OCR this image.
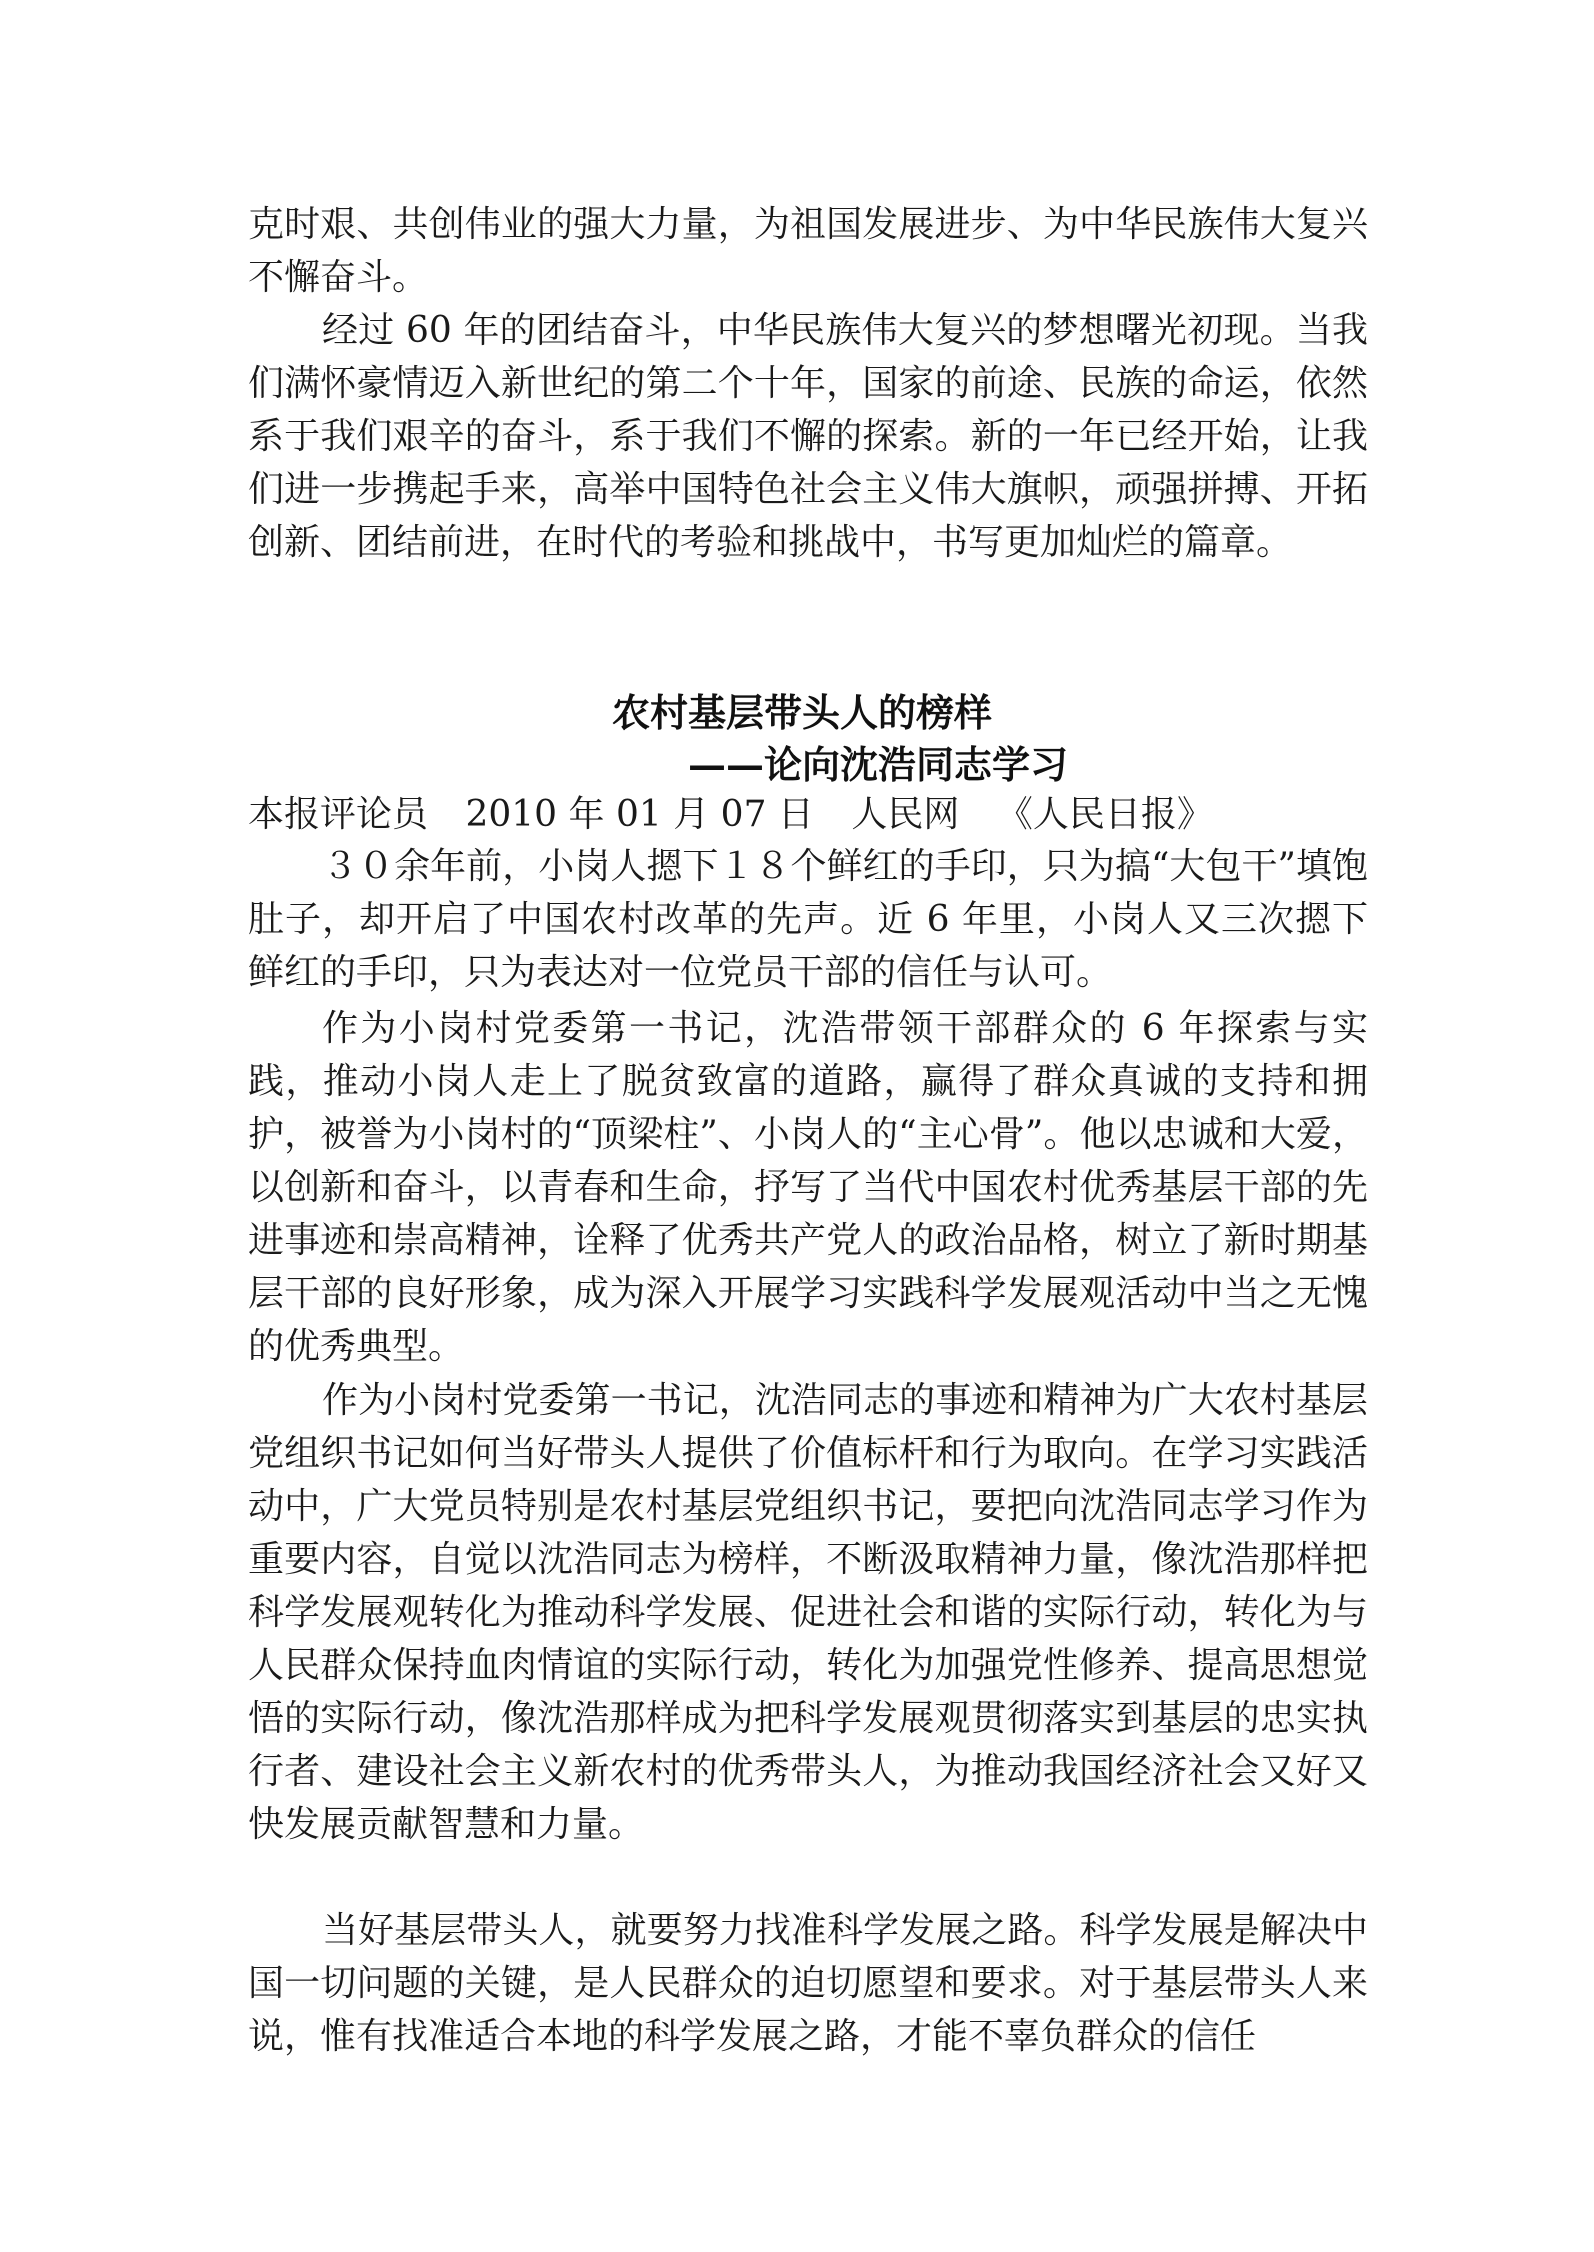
克时艰、共创伟业的强大力量，为祖国发展进步、为中华民族伟大复兴不懈奋斗。

经过 60 年的团结奋斗，中华民族伟大复兴的梦想曙光初现。当我们满怀豪情迈入新世纪的第二个十年，国家的前途、民族的命运，依然系于我们艰辛的奋斗，系于我们不懈的探索。新的一年已经开始，让我们进一步携起手来，高举中国特色社会主义伟大旗帜，顽强拼搏、开拓创新、团结前进，在时代的考验和挑战中，书写更加灿烂的篇章。

农村基层带头人的榜样
——论向沈浩同志学习
本报评论员 2010 年 01 月 07 日 人民网 《人民日报》

３０余年前，小岗人摁下１８个鲜红的手印，只为搞“大包干”填饱肚子，却开启了中国农村改革的先声。近 6 年里，小岗人又三次摁下鲜红的手印，只为表达对一位党员干部的信任与认可。

作为小岗村党委第一书记，沈浩带领干部群众的 6 年探索与实践，推动小岗人走上了脱贫致富的道路，赢得了群众真诚的支持和拥护，被誉为小岗村的“顶梁柱”、小岗人的“主心骨”。他以忠诚和大爱，以创新和奋斗，以青春和生命，抒写了当代中国农村优秀基层干部的先进事迹和崇高精神，诠释了优秀共产党人的政治品格，树立了新时期基层干部的良好形象，成为深入开展学习实践科学发展观活动中当之无愧的优秀典型。

作为小岗村党委第一书记，沈浩同志的事迹和精神为广大农村基层党组织书记如何当好带头人提供了价值标杆和行为取向。在学习实践活动中，广大党员特别是农村基层党组织书记，要把向沈浩同志学习作为重要内容，自觉以沈浩同志为榜样，不断汲取精神力量，像沈浩那样把科学发展观转化为推动科学发展、促进社会和谐的实际行动，转化为与人民群众保持血肉情谊的实际行动，转化为加强党性修养、提高思想觉悟的实际行动，像沈浩那样成为把科学发展观贯彻落实到基层的忠实执行者、建设社会主义新农村的优秀带头人，为推动我国经济社会又好又快发展贡献智慧和力量。

当好基层带头人，就要努力找准科学发展之路。科学发展是解决中国一切问题的关键，是人民群众的迫切愿望和要求。对于基层带头人来说，惟有找准适合本地的科学发展之路，才能不辜负群众的信任
